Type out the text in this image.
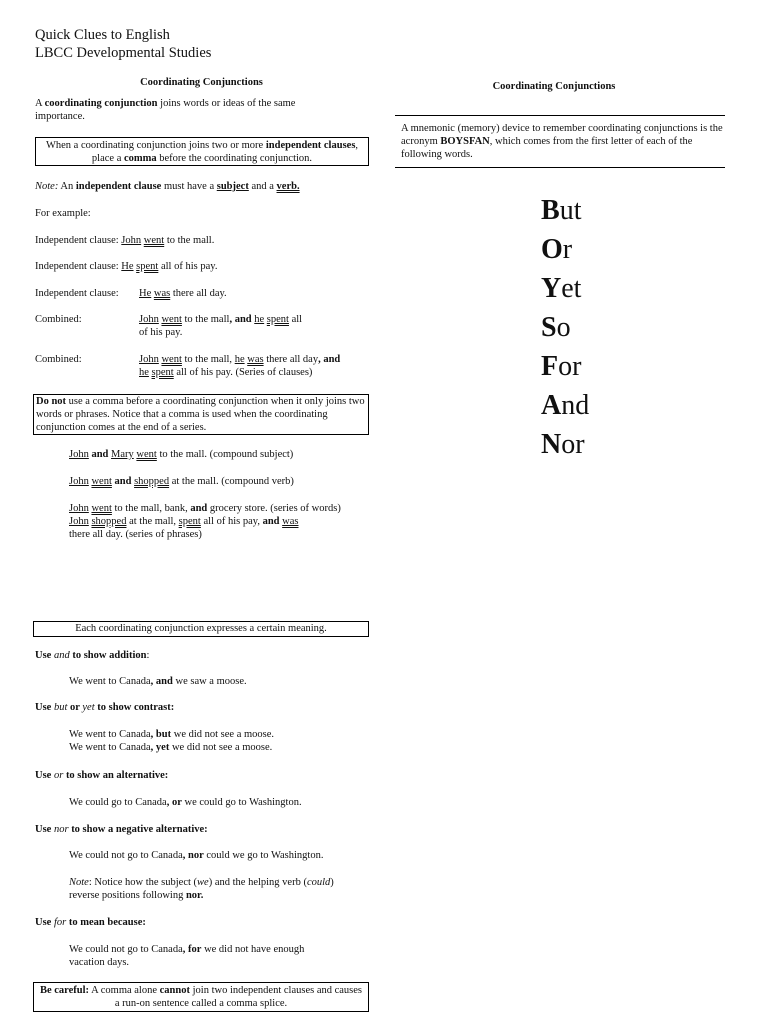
Quick Clues to English
LBCC Developmental Studies
Coordinating Conjunctions
A coordinating conjunction joins words or ideas of the same importance.
When a coordinating conjunction joins two or more independent clauses, place a comma before the coordinating conjunction.
Note: An independent clause must have a subject and a verb.
For example:
Independent clause: John went to the mall.
Independent clause: He spent all of his pay.
Independent clause: He was there all day.
Combined:	John went to the mall, and he spent all
of his pay.
Combined:	John went to the mall, he was there all day, and
he spent all of his pay. (Series of clauses)
Do not use a comma before a coordinating conjunction when it only joins two words or phrases. Notice that a comma is used when the coordinating conjunction comes at the end of a series.
John and Mary went to the mall. (compound subject)
John went and shopped at the mall. (compound verb)
John went to the mall, bank, and grocery store. (series of words)
John shopped at the mall, spent all of his pay, and was
there all day. (series of phrases)
Each coordinating conjunction expresses a certain meaning.
Use and to show addition:
We went to Canada, and we saw a moose.
Use but or yet to show contrast:
We went to Canada, but we did not see a moose.
We went to Canada, yet we did not see a moose.
Use or to show an alternative:
We could go to Canada, or we could go to Washington.
Use nor to show a negative alternative:
We could not go to Canada, nor could we go to Washington.
Note: Notice how the subject (we) and the helping verb (could)
reverse positions following nor.
Use for to mean because:
We could not go to Canada, for we did not have enough vacation days.
Be careful: A comma alone cannot join two independent clauses and causes a run-on sentence called a comma splice.
Coordinating Conjunctions
A mnemonic (memory) device to remember coordinating conjunctions is the acronym BOYSFAN, which comes from the first letter of each of the following words.
But
Or
Yet
So
For
And
Nor
